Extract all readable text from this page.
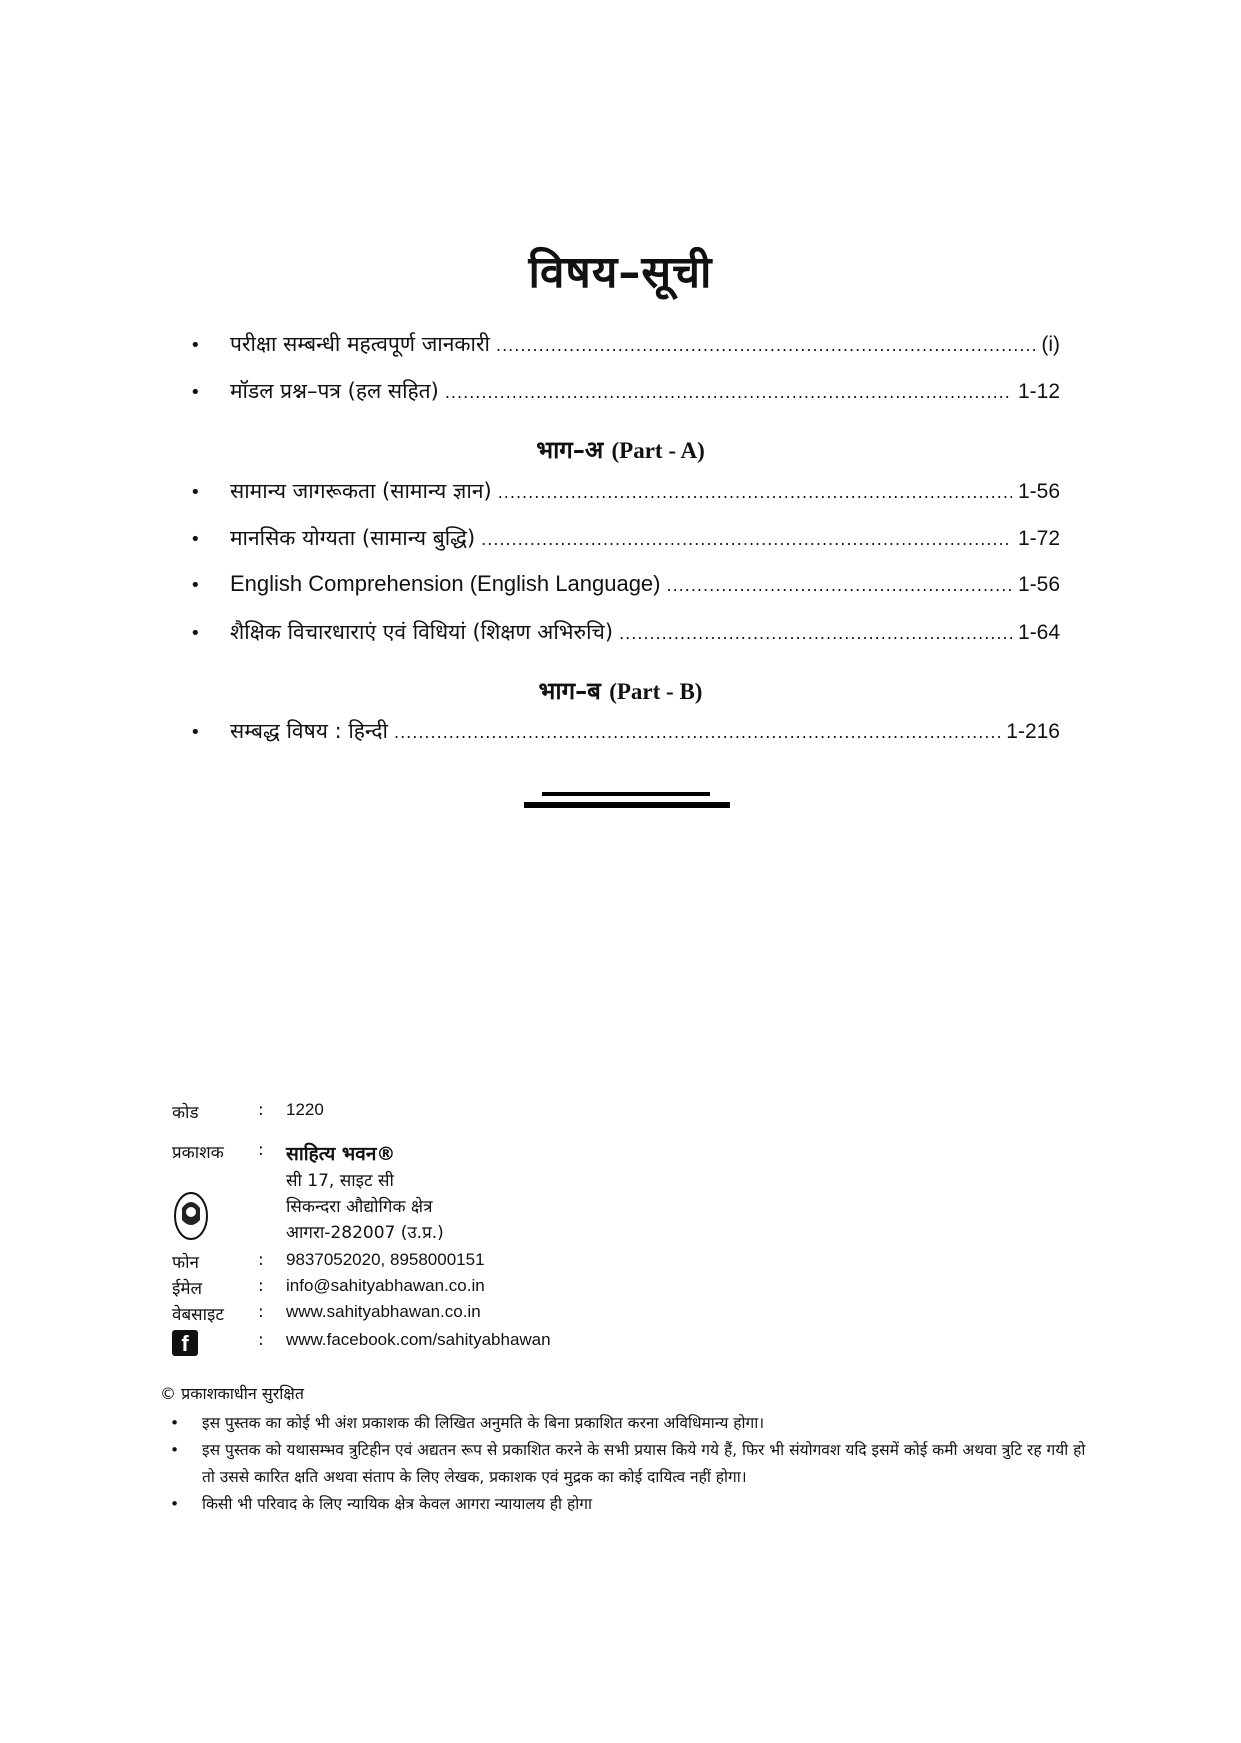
विषय–सूची
•	परीक्षा सम्बन्धी महत्वपूर्ण जानकारी .....	(i)
•	मॉडल प्रश्न–पत्र (हल सहित) .....	1-12
भाग–अ (Part - A)
•	सामान्य जागरूकता (सामान्य ज्ञान) .....	1-56
•	मानसिक योग्यता (सामान्य बुद्धि) .....	1-72
•	English Comprehension (English Language) .....	1-56
•	शैक्षिक विचारधाराएं एवं विधियां (शिक्षण अभिरुचि) .....	1-64
भाग–ब (Part - B)
•	सम्बद्ध विषय : हिन्दी .....	1-216
कोड	:	1220
प्रकाशक	:	साहित्य भवन®
सी 17, साइट सी
सिकन्दरा औद्योगिक क्षेत्र
आगरा-282007 (उ.प्र.)
फोन	:	9837052020, 8958000151
ईमेल	:	info@sahityabhawan.co.in
वेबसाइट	:	www.sahityabhawan.co.in
f	:	www.facebook.com/sahityabhawan
© प्रकाशकाधीन सुरक्षित
• इस पुस्तक का कोई भी अंश प्रकाशक की लिखित अनुमति के बिना प्रकाशित करना अविधिमान्य होगा।
• इस पुस्तक को यथासम्भव त्रुटिहीन एवं अद्यतन रूप से प्रकाशित करने के सभी प्रयास किये गये हैं, फिर भी संयोगवश यदि इसमें कोई कमी अथवा त्रुटि रह गयी हो तो उससे कारित क्षति अथवा संताप के लिए लेखक, प्रकाशक एवं मुद्रक का कोई दायित्व नहीं होगा।
• किसी भी परिवाद के लिए न्यायिक क्षेत्र केवल आगरा न्यायालय ही होगा
